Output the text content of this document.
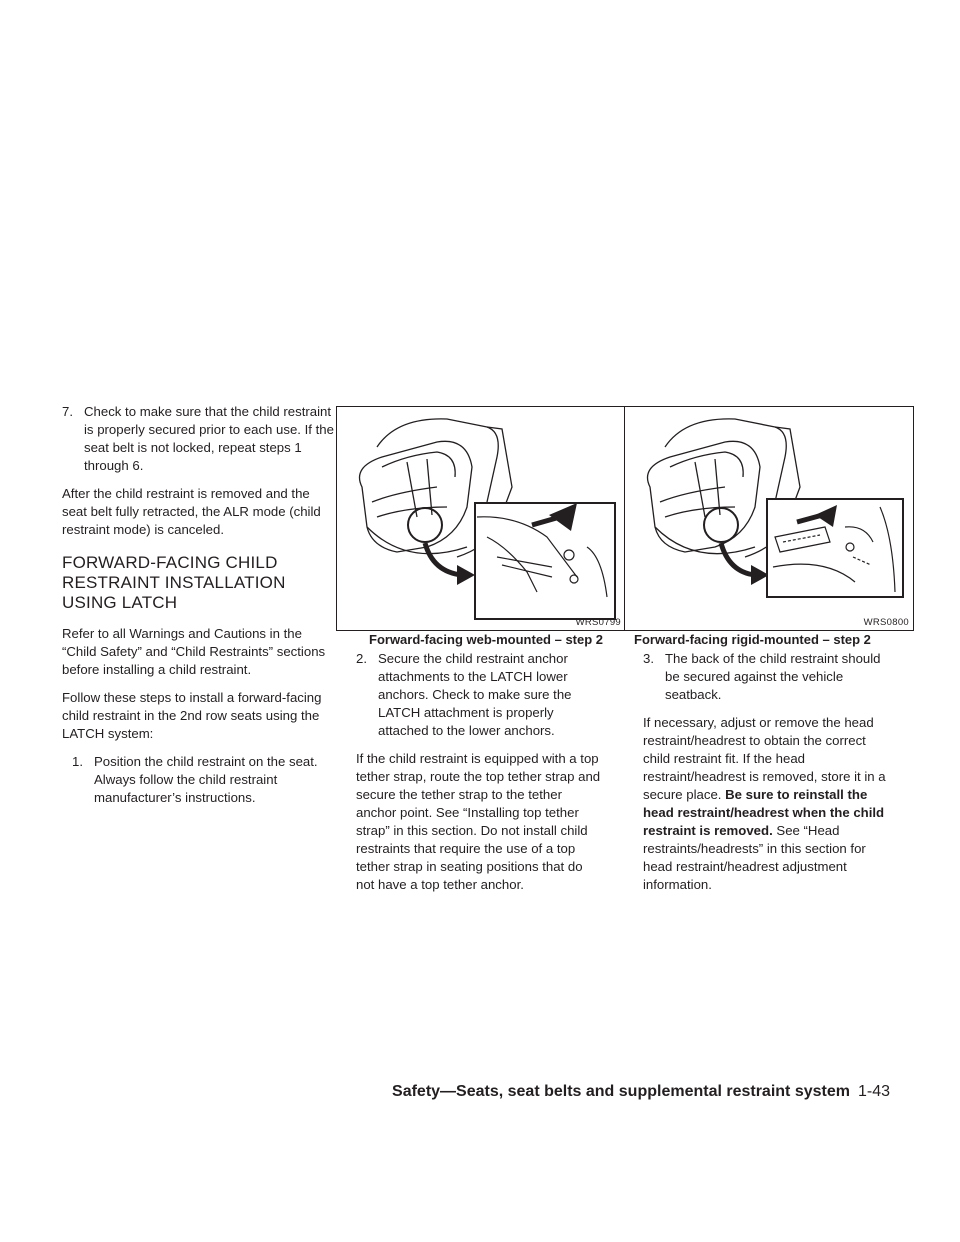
7. Check to make sure that the child restraint is properly secured prior to each use. If the seat belt is not locked, repeat steps 1 through 6.

After the child restraint is removed and the seat belt fully retracted, the ALR mode (child restraint mode) is canceled.

FORWARD-FACING CHILD RESTRAINT INSTALLATION USING LATCH

Refer to all Warnings and Cautions in the “Child Safety” and “Child Restraints” sections before installing a child restraint.

Follow these steps to install a forward-facing child restraint in the 2nd row seats using the LATCH system:

1. Position the child restraint on the seat. Always follow the child restraint manufacturer’s instructions.
WRS0799
Forward-facing web-mounted – step 2
2. Secure the child restraint anchor attachments to the LATCH lower anchors. Check to make sure the LATCH attachment is properly attached to the lower anchors.

If the child restraint is equipped with a top tether strap, route the top tether strap and secure the tether strap to the tether anchor point. See “Installing top tether strap” in this section. Do not install child restraints that require the use of a top tether strap in seating positions that do not have a top tether anchor.

WRS0800
Forward-facing rigid-mounted – step 2
3. The back of the child restraint should be secured against the vehicle seatback.

If necessary, adjust or remove the head restraint/headrest to obtain the correct child restraint fit. If the head restraint/headrest is removed, store it in a secure place. Be sure to reinstall the head restraint/headrest when the child restraint is removed. See “Head restraints/headrests” in this section for head restraint/headrest adjustment information.

Safety—Seats, seat belts and supplemental restraint system 1-43
